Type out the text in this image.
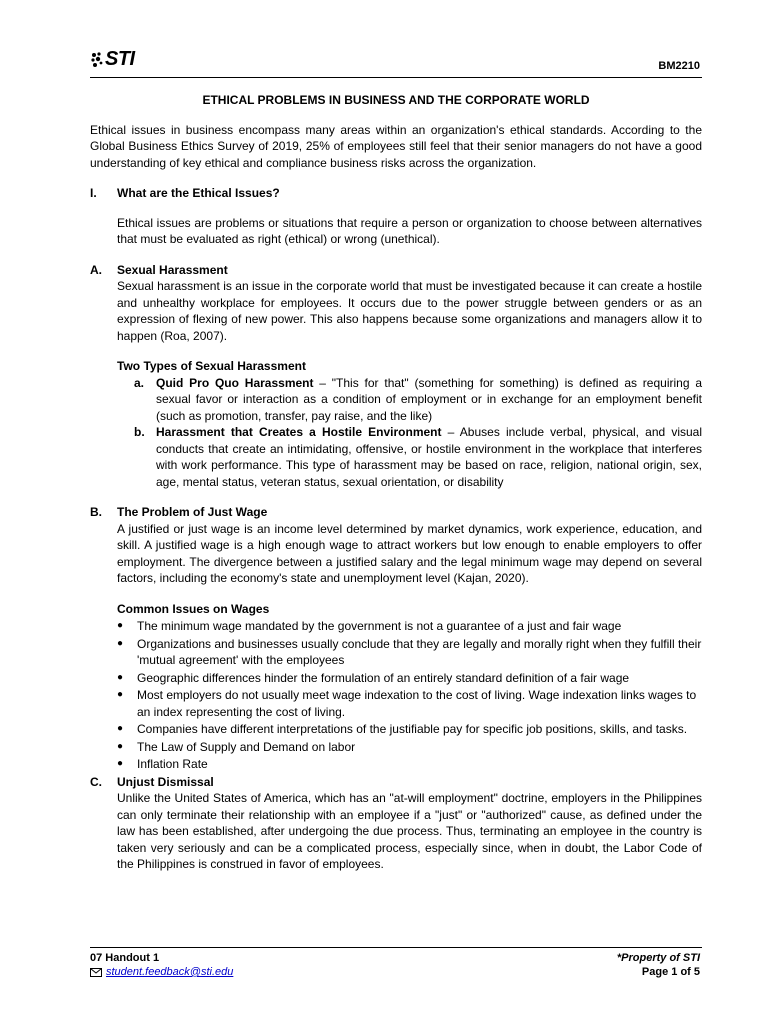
STI	BM2210
ETHICAL PROBLEMS IN BUSINESS AND THE CORPORATE WORLD

Ethical issues in business encompass many areas within an organization's ethical standards. According to the Global Business Ethics Survey of 2019, 25% of employees still feel that their senior managers do not have a good understanding of key ethical and compliance business risks across the organization.

I.	What are the Ethical Issues?

Ethical issues are problems or situations that require a person or organization to choose between alternatives that must be evaluated as right (ethical) or wrong (unethical).

A.	Sexual Harassment

Sexual harassment is an issue in the corporate world that must be investigated because it can create a hostile and unhealthy workplace for employees. It occurs due to the power struggle between genders or as an expression of flexing of new power. This also happens because some organizations and managers allow it to happen (Roa, 2007).

Two Types of Sexual Harassment
a. Quid Pro Quo Harassment – "This for that" (something for something) is defined as requiring a sexual favor or interaction as a condition of employment or in exchange for an employment benefit (such as promotion, transfer, pay raise, and the like)
b. Harassment that Creates a Hostile Environment – Abuses include verbal, physical, and visual conducts that create an intimidating, offensive, or hostile environment in the workplace that interferes with work performance. This type of harassment may be based on race, religion, national origin, sex, age, mental status, veteran status, sexual orientation, or disability
B.	The Problem of Just Wage

A justified or just wage is an income level determined by market dynamics, work experience, education, and skill. A justified wage is a high enough wage to attract workers but low enough to enable employers to offer employment. The divergence between a justified salary and the legal minimum wage may depend on several factors, including the economy's state and unemployment level (Kajan, 2020).

Common Issues on Wages
●	The minimum wage mandated by the government is not a guarantee of a just and fair wage
●	Organizations and businesses usually conclude that they are legally and morally right when they fulfill their 'mutual agreement' with the employees
●	Geographic differences hinder the formulation of an entirely standard definition of a fair wage
●	Most employers do not usually meet wage indexation to the cost of living. Wage indexation links wages to an index representing the cost of living.
●	Companies have different interpretations of the justifiable pay for specific job positions, skills, and tasks.
●	The Law of Supply and Demand on labor
●	Inflation Rate
C.	Unjust Dismissal

Unlike the United States of America, which has an "at-will employment" doctrine, employers in the Philippines can only terminate their relationship with an employee if a "just" or "authorized" cause, as defined under the law has been established, after undergoing the due process. Thus, terminating an employee in the country is taken very seriously and can be a complicated process, especially since, when in doubt, the Labor Code of the Philippines is construed in favor of employees.

07 Handout 1
student.feedback@sti.edu
*Property of STI
Page 1 of 5
